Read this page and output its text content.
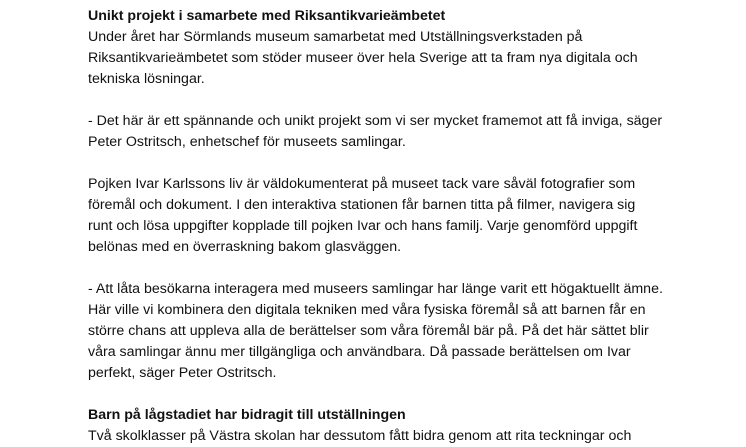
Unikt projekt i samarbete med Riksantikvarieämbetet

Under året har Sörmlands museum samarbetat med Utställningsverkstaden på
Riksantikvarieämbetet som stöder museer över hela Sverige att ta fram nya digitala och
tekniska lösningar.

- Det här är ett spännande och unikt projekt som vi ser mycket framemot att få inviga, säger
Peter Ostritsch, enhetschef för museets samlingar.

Pojken Ivar Karlssons liv är väldokumenterat på museet tack vare såväl fotografier som
föremål och dokument. I den interaktiva stationen får barnen titta på filmer, navigera sig
runt och lösa uppgifter kopplade till pojken Ivar och hans familj. Varje genomförd uppgift
belönas med en överraskning bakom glasväggen.

- Att låta besökarna interagera med museers samlingar har länge varit ett högaktuellt ämne.
Här ville vi kombinera den digitala tekniken med våra fysiska föremål så att barnen får en
större chans att uppleva alla de berättelser som våra föremål bär på. På det här sättet blir
våra samlingar ännu mer tillgängliga och användbara. Då passade berättelsen om Ivar
perfekt, säger Peter Ostritsch.

Barn på lågstadiet har bidragit till utställningen

Två skolklasser på Västra skolan har dessutom fått bidra genom att rita teckningar och
